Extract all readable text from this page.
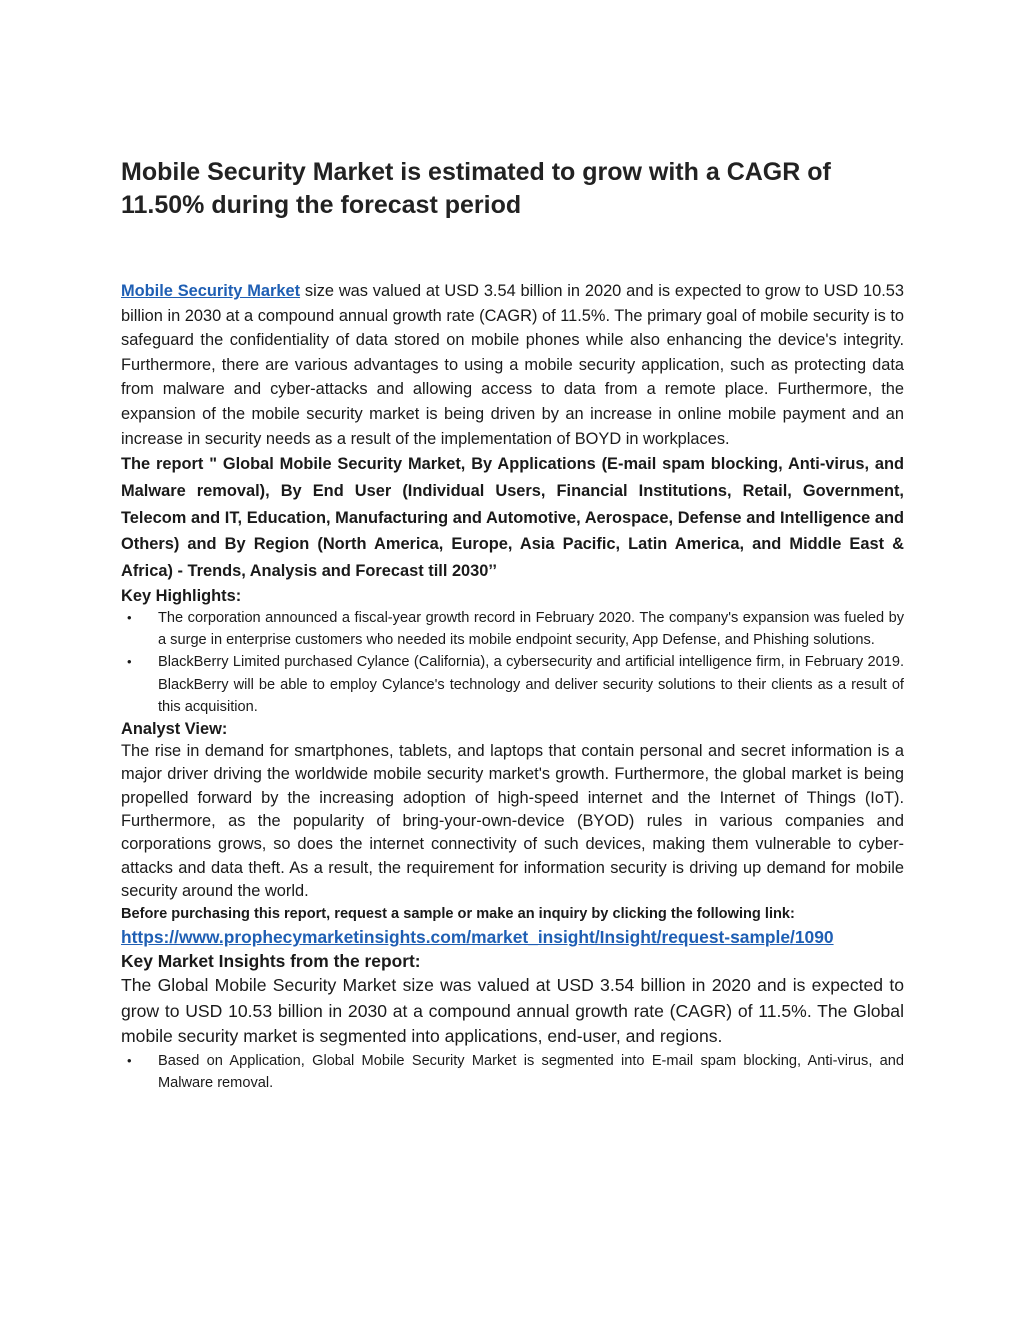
Mobile Security Market is estimated to grow with a CAGR of 11.50% during the forecast period

Mobile Security Market size was valued at USD 3.54 billion in 2020 and is expected to grow to USD 10.53 billion in 2030 at a compound annual growth rate (CAGR) of 11.5%. The primary goal of mobile security is to safeguard the confidentiality of data stored on mobile phones while also enhancing the device's integrity. Furthermore, there are various advantages to using a mobile security application, such as protecting data from malware and cyber-attacks and allowing access to data from a remote place. Furthermore, the expansion of the mobile security market is being driven by an increase in online mobile payment and an increase in security needs as a result of the implementation of BOYD in workplaces.

The report " Global Mobile Security Market, By Applications (E-mail spam blocking, Anti-virus, and Malware removal), By End User (Individual Users, Financial Institutions, Retail, Government, Telecom and IT, Education, Manufacturing and Automotive, Aerospace, Defense and Intelligence and Others) and By Region (North America, Europe, Asia Pacific, Latin America, and Middle East & Africa) - Trends, Analysis and Forecast till 2030’’

Key Highlights:

• The corporation announced a fiscal-year growth record in February 2020. The company's expansion was fueled by a surge in enterprise customers who needed its mobile endpoint security, App Defense, and Phishing solutions.
• BlackBerry Limited purchased Cylance (California), a cybersecurity and artificial intelligence firm, in February 2019. BlackBerry will be able to employ Cylance's technology and deliver security solutions to their clients as a result of this acquisition.

Analyst View:

The rise in demand for smartphones, tablets, and laptops that contain personal and secret information is a major driver driving the worldwide mobile security market's growth. Furthermore, the global market is being propelled forward by the increasing adoption of high-speed internet and the Internet of Things (IoT). Furthermore, as the popularity of bring-your-own-device (BYOD) rules in various companies and corporations grows, so does the internet connectivity of such devices, making them vulnerable to cyber-attacks and data theft. As a result, the requirement for information security is driving up demand for mobile security around the world.

Before purchasing this report, request a sample or make an inquiry by clicking the following link:

https://www.prophecymarketinsights.com/market_insight/Insight/request-sample/1090

Key Market Insights from the report:

The Global Mobile Security Market size was valued at USD 3.54 billion in 2020 and is expected to grow to USD 10.53 billion in 2030 at a compound annual growth rate (CAGR) of 11.5%. The Global mobile security market is segmented into applications, end-user, and regions.

• Based on Application, Global Mobile Security Market is segmented into E-mail spam blocking, Anti-virus, and Malware removal.
